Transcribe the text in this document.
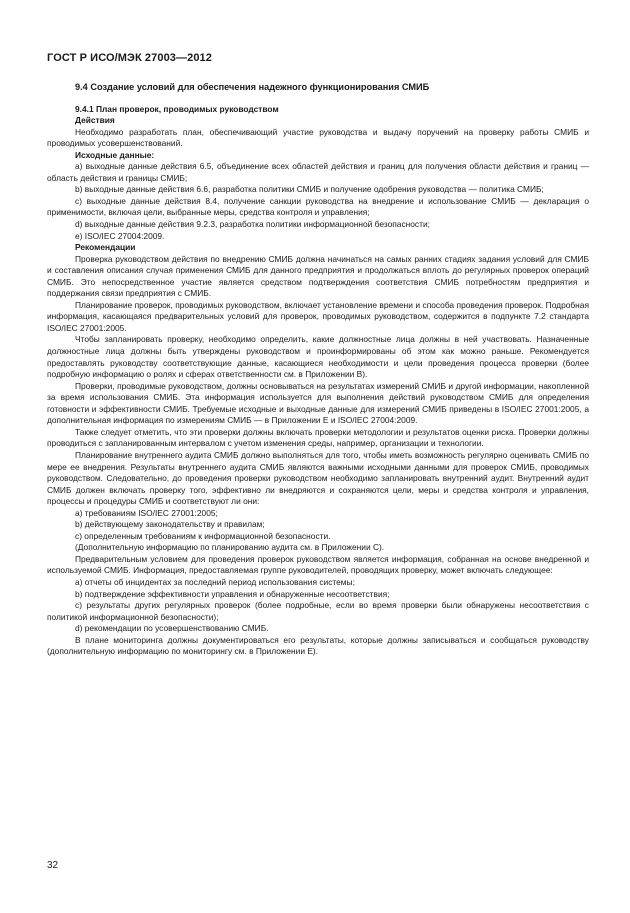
ГОСТ Р ИСО/МЭК 27003—2012

9.4 Создание условий для обеспечения надежного функционирования СМИБ

9.4.1 План проверок, проводимых руководством

Действия

Необходимо разработать план, обеспечивающий участие руководства и выдачу поручений на проверку работы СМИБ и проводимых усовершенствований.

Исходные данные:

a) выходные данные действия 6.5, объединение всех областей действия и границ для получения области действия и границ — область действия и границы СМИБ;

b) выходные данные действия 6.6, разработка политики СМИБ и получение одобрения руководства — политика СМИБ;

c) выходные данные действия 8.4, получение санкции руководства на внедрение и использование СМИБ — декларация о применимости, включая цели, выбранные меры, средства контроля и управления;

d) выходные данные действия 9.2.3, разработка политики информационной безопасности;

e) ISO/IEC 27004:2009.

Рекомендации

Проверка руководством действия по внедрению СМИБ должна начинаться на самых ранних стадиях задания условий для СМИБ и составления описания случая применения СМИБ для данного предприятия и продолжаться вплоть до регулярных проверок операций СМИБ. Это непосредственное участие является средством подтверждения соответствия СМИБ потребностям предприятия и поддержания связи предприятия с СМИБ.

Планирование проверок, проводимых руководством, включает установление времени и способа проведения проверок. Подробная информация, касающаяся предварительных условий для проверок, проводимых руководством, содержится в подпункте 7.2 стандарта ISO/IEC 27001:2005.

Чтобы запланировать проверку, необходимо определить, какие должностные лица должны в ней участвовать. Назначенные должностные лица должны быть утверждены руководством и проинформированы об этом как можно раньше. Рекомендуется предоставлять руководству соответствующие данные, касающиеся необходимости и цели проведения процесса проверки (более подробную информацию о ролях и сферах ответственности см. в Приложении B).

Проверки, проводимые руководством, должны основываться на результатах измерений СМИБ и другой информации, накопленной за время использования СМИБ. Эта информация используется для выполнения действий руководством СМИБ для определения готовности и эффективности СМИБ. Требуемые исходные и выходные данные для измерений СМИБ приведены в ISO/IEC 27001:2005, а дополнительная информация по измерениям СМИБ — в Приложении E и ISO/IEC 27004:2009.

Также следует отметить, что эти проверки должны включать проверки методологии и результатов оценки риска. Проверки должны проводиться с запланированным интервалом с учетом изменения среды, например, организации и технологии.

Планирование внутреннего аудита СМИБ должно выполняться для того, чтобы иметь возможность регулярно оценивать СМИБ по мере ее внедрения. Результаты внутреннего аудита СМИБ являются важными исходными данными для проверок СМИБ, проводимых руководством. Следовательно, до проведения проверки руководством необходимо запланировать внутренний аудит. Внутренний аудит СМИБ должен включать проверку того, эффективно ли внедряются и сохраняются цели, меры и средства контроля и управления, процессы и процедуры СМИБ и соответствуют ли они:

a) требованиям ISO/IEC 27001:2005;

b) действующему законодательству и правилам;

c) определенным требованиям к информационной безопасности.

(Дополнительную информацию по планированию аудита см. в Приложении C).

Предварительным условием для проведения проверок руководством является информация, собранная на основе внедренной и используемой СМИБ. Информация, предоставляемая группе руководителей, проводящих проверку, может включать следующее:

a) отчеты об инцидентах за последний период использования системы;

b) подтверждение эффективности управления и обнаруженные несоответствия;

c) результаты других регулярных проверок (более подробные, если во время проверки были обнаружены несоответствия с политикой информационной безопасности);

d) рекомендации по усовершенствованию СМИБ.

В плане мониторинга должны документироваться его результаты, которые должны записываться и сообщаться руководству (дополнительную информацию по мониторингу см. в Приложении E).

32
